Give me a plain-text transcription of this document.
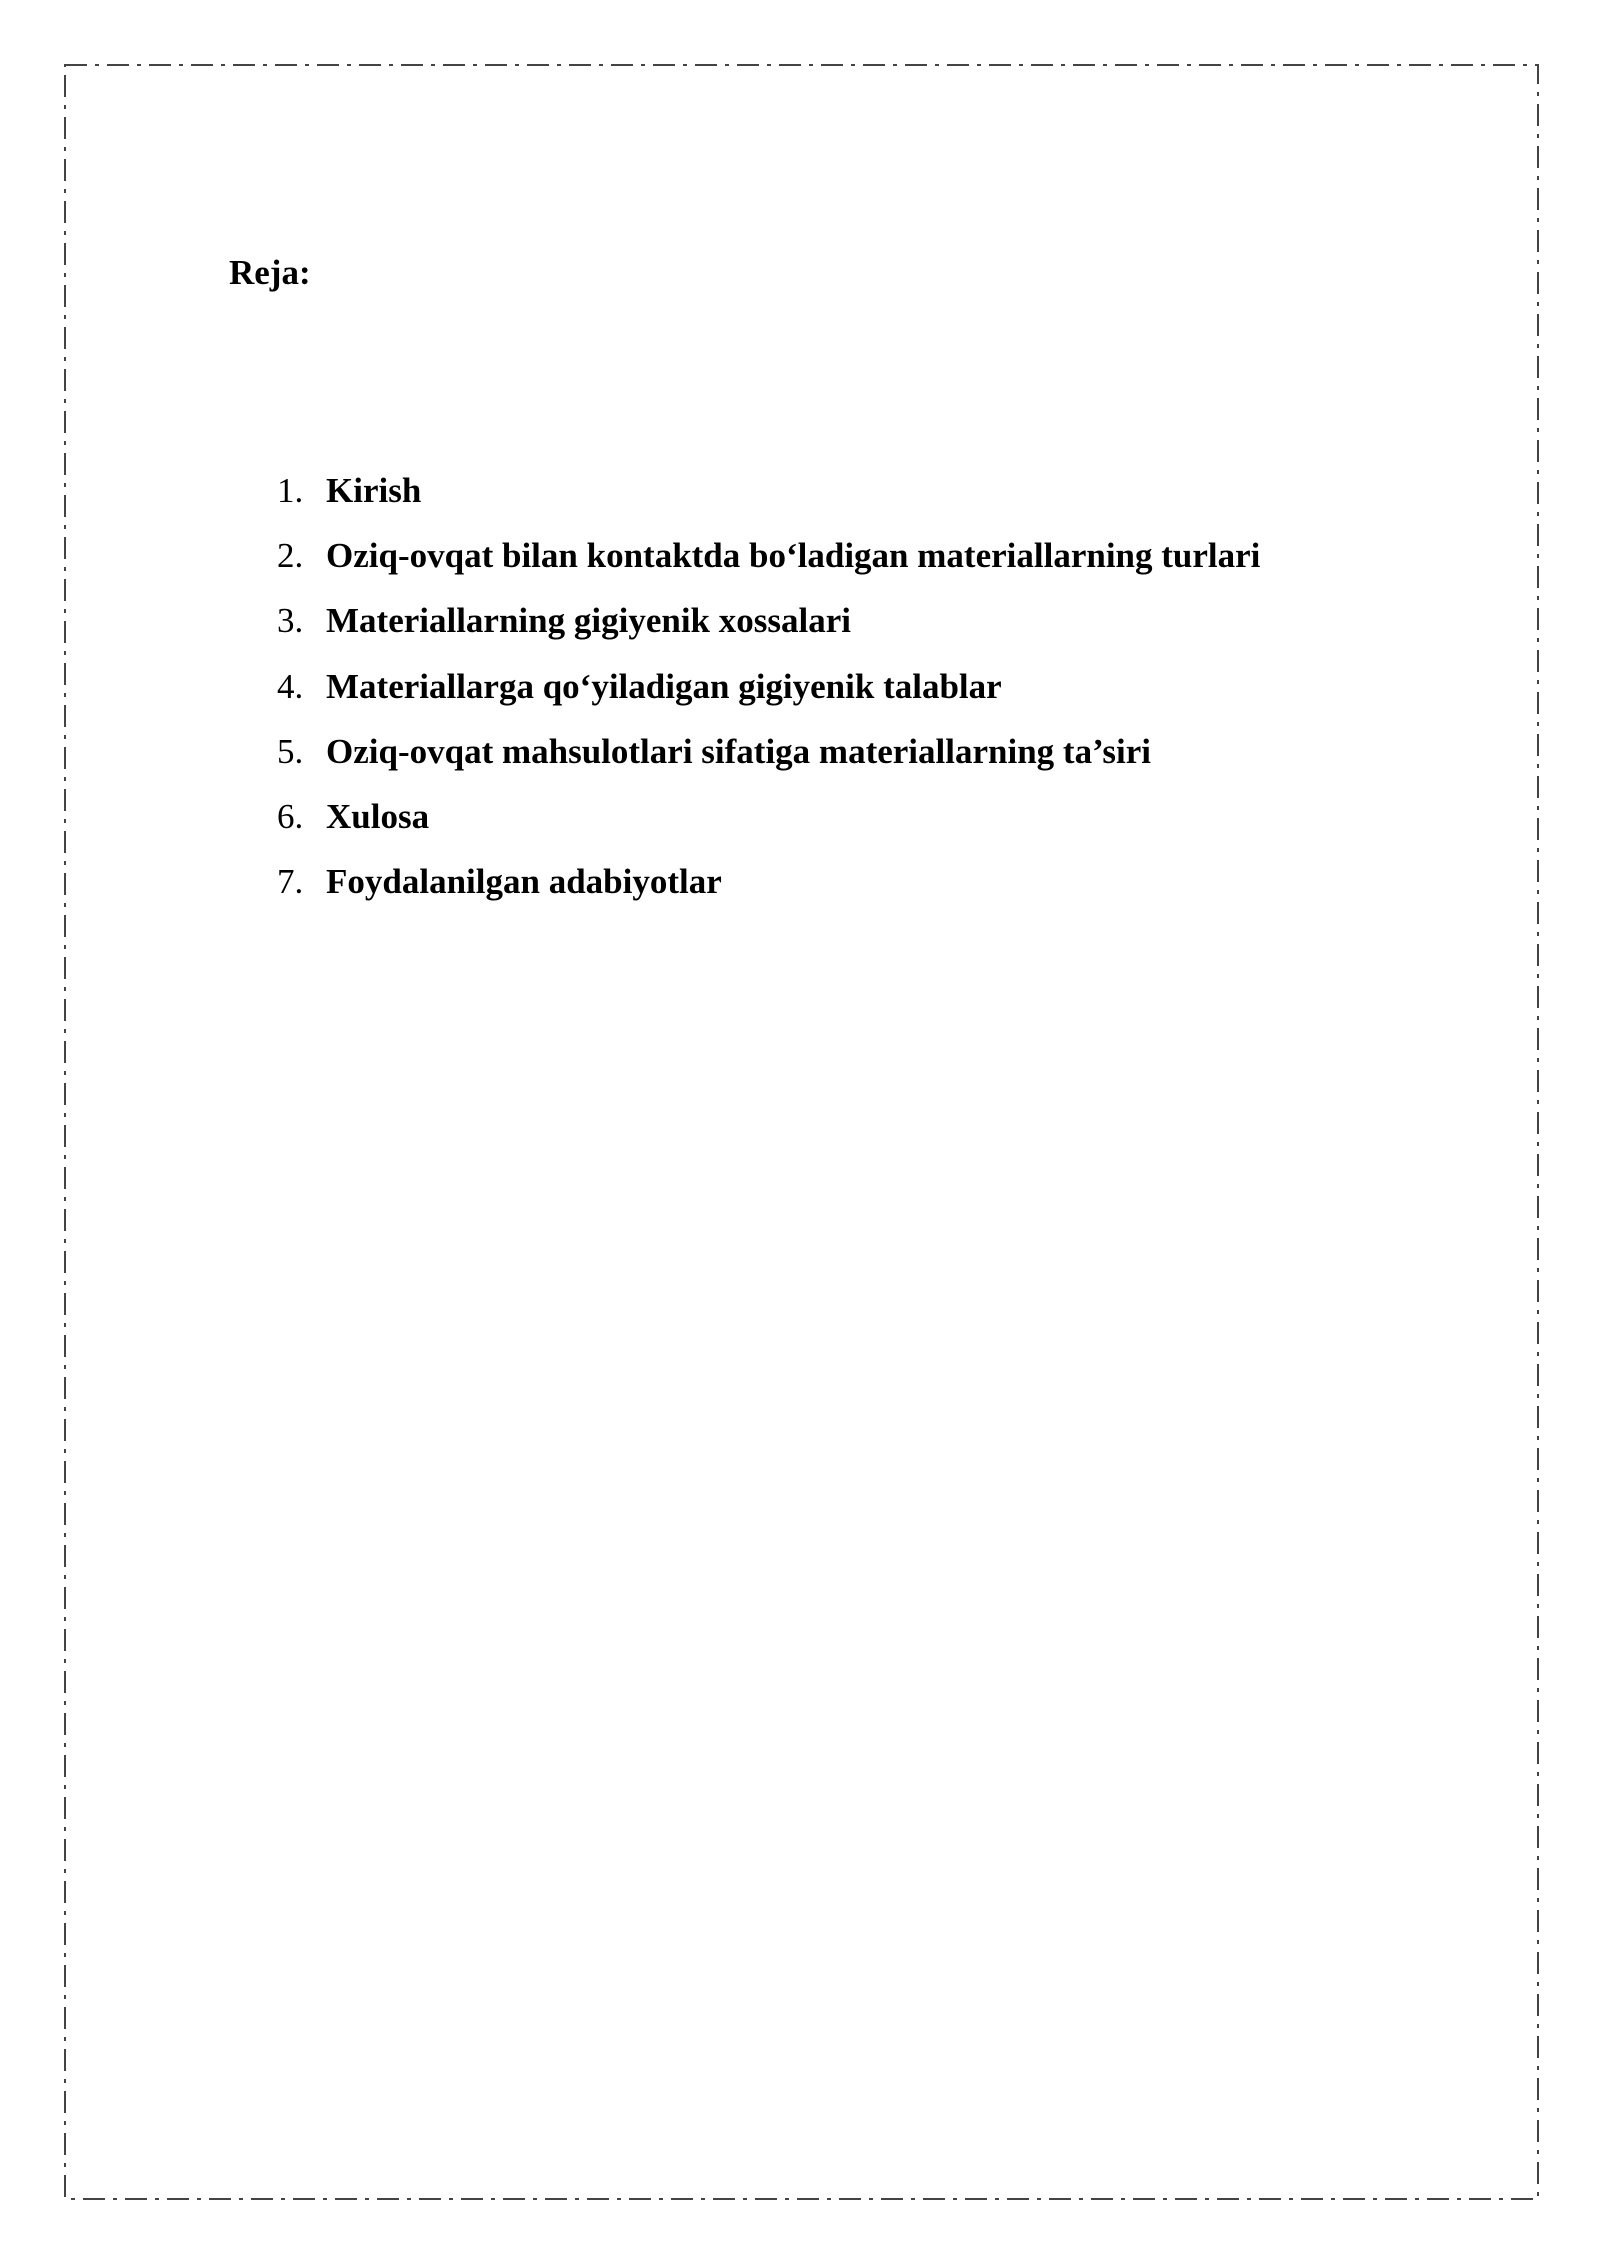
Reja:
1. Kirish
2. Oziq-ovqat bilan kontaktda bo‘ladigan materiallarning turlari
3. Materiallarning gigiyenik xossalari
4. Materiallarga qo‘yiladigan gigiyenik talablar
5. Oziq-ovqat mahsulotlari sifatiga materiallarning ta’siri
6. Xulosa
7. Foydalanilgan adabiyotlar
